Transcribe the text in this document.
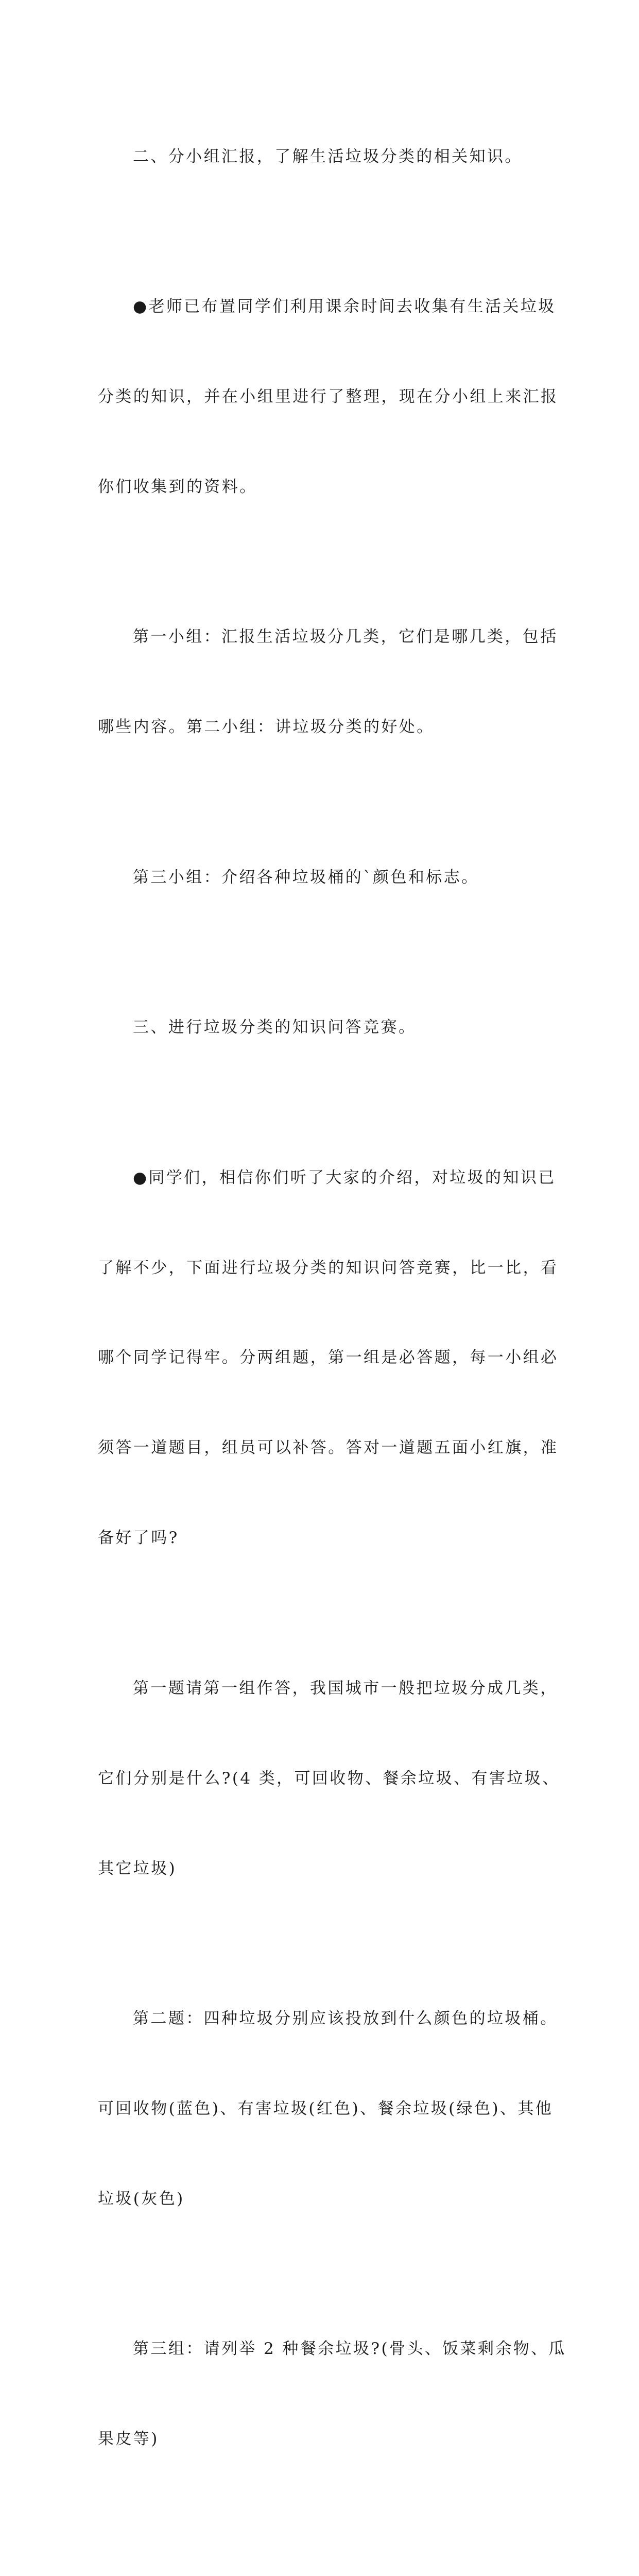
二、分小组汇报，了解生活垃圾分类的相关知识。

●老师已布置同学们利用课余时间去收集有生活关垃圾

分类的知识，并在小组里进行了整理，现在分小组上来汇报

你们收集到的资料。

第一小组：汇报生活垃圾分几类，它们是哪几类，包括

哪些内容。第二小组：讲垃圾分类的好处。

第三小组：介绍各种垃圾桶的`颜色和标志。

三、进行垃圾分类的知识问答竞赛。

●同学们，相信你们听了大家的介绍，对垃圾的知识已

了解不少，下面进行垃圾分类的知识问答竞赛，比一比，看

哪个同学记得牢。分两组题，第一组是必答题，每一小组必

须答一道题目，组员可以补答。答对一道题五面小红旗，准

备好了吗?

第一题请第一组作答，我国城市一般把垃圾分成几类，

它们分别是什么?(4 类，可回收物、餐余垃圾、有害垃圾、

其它垃圾)

第二题：四种垃圾分别应该投放到什么颜色的垃圾桶。

可回收物(蓝色)、有害垃圾(红色)、餐余垃圾(绿色)、其他

垃圾(灰色)

第三组：请列举 2 种餐余垃圾?(骨头、饭菜剩余物、瓜

果皮等)
